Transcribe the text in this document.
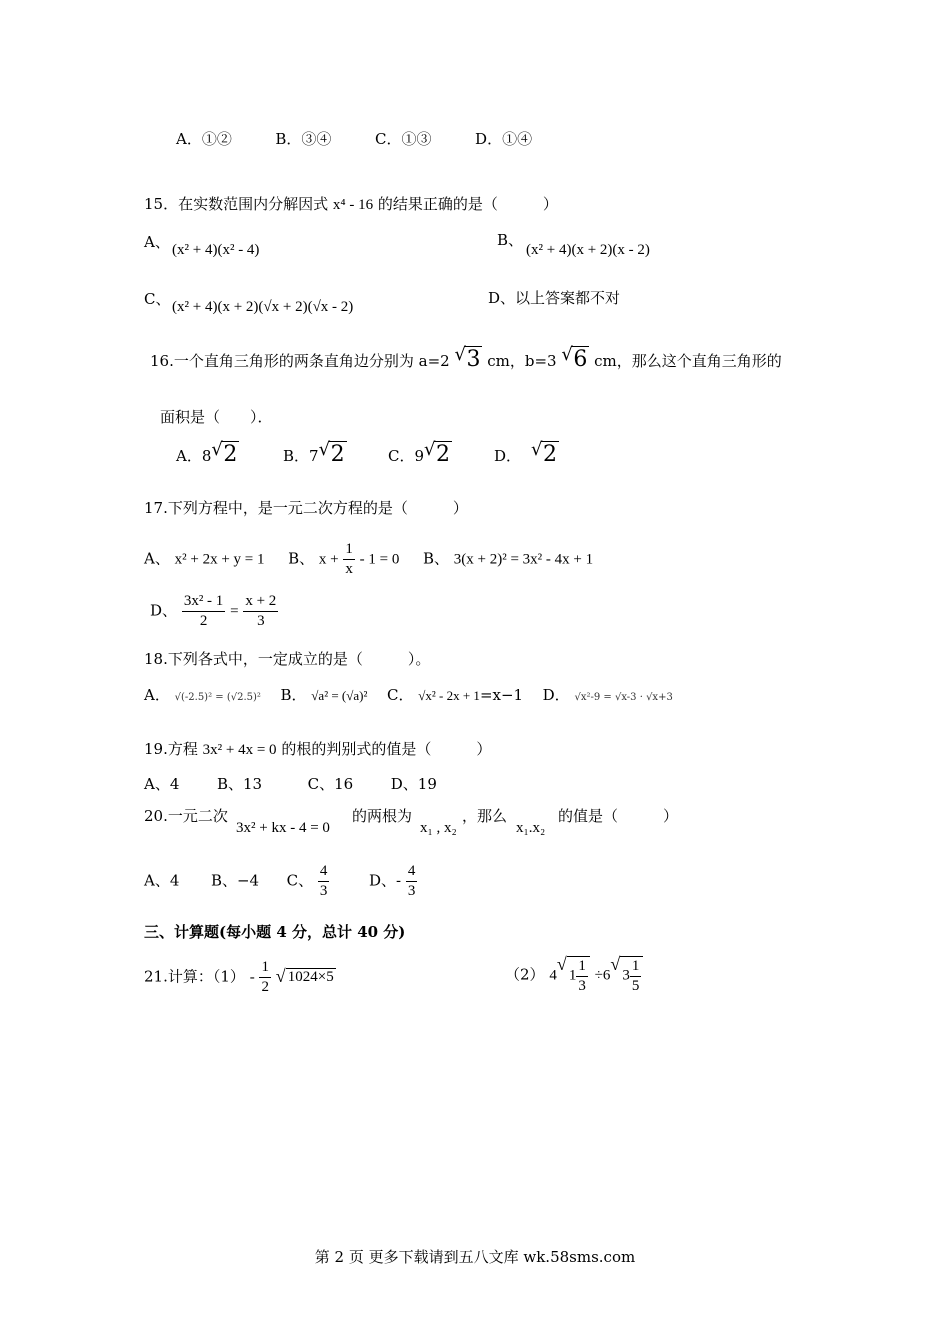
A．①②	B．③④	C．①③	D．①④
15．在实数范围内分解因式 x⁴ - 16 的结果正确的是（　　　）
A、 (x² + 4)(x² - 4)
B、
(x² + 4)(x + 2)(x - 2)
C、 (x² + 4)(x + 2)(√x + 2)(√x - 2)	D、以上答案都不对
16.一个直角三角形的两条直角边分别为 a=2 √ 3 cm，b=3 √ 6 cm，那么这个直角三角形的
面积是（　　）．
A．8√ 2	B．7√ 2	C．9√ 2	D．√ 2
17.下列方程中，是一元二次方程的是（　　　）
A、 x² + 2x + y = 1 B、 $x + \frac{1}{x} - 1 = 0$ B、 3(x + 2)² = 3x² - 4x + 1
D、 $\frac{\text{3x² - 1}}{2} = \frac{x + 2}{3}$
18.下列各式中，一定成立的是（　　　）。
A． √(-2.5)² = (√2.5)² B． √a² = (√a)² C． √x² - 2x + 1=x−1 D． √x²-9 = √x-3 · √x+3
19.方程 3x² + 4x = 0 的根的判别式的值是（　　　）
A、4	B、13	C、16	D、19
20.一元二次
3x² + kx - 4 = 0
的两根为
x₁ , x₂
，那么
x₁.x₂
的值是（　　　）
A、4 B、−4 C、 $\frac{4}{3}$	D、- $\frac{4}{3}$
三、计算题(每小题 4 分，总计 40 分)
21.计算：$(1) - \frac{1}{2}$
√ 1024×5	（2） 4√ $1 \frac{1}{3} \div 6√$ $3 \frac{1}{5}$
第 2 页 更多下载请到五八文库 wk.58sms.com
